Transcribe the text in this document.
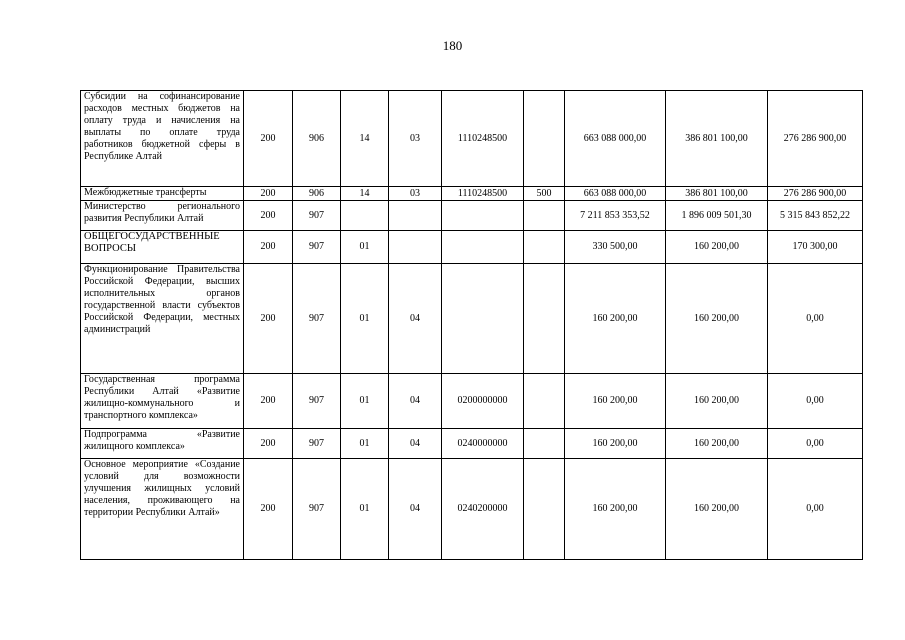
180
Субсидии на софинансирование расходов местных бюджетов на оплату труда и начисления на выплаты по оплате труда работников бюджетной сферы в Республике Алтай	200	906	14	03	1110248500		663 088 000,00	386 801 100,00	276 286 900,00
Межбюджетные трансферты	200	906	14	03	1110248500	500	663 088 000,00	386 801 100,00	276 286 900,00
Министерство регионального развития Республики Алтай	200	907					7 211 853 353,52	1 896 009 501,30	5 315 843 852,22
ОБЩЕГОСУДАРСТВЕННЫЕ ВОПРОСЫ	200	907	01				330 500,00	160 200,00	170 300,00
Функционирование Правительства Российской Федерации, высших исполнительных органов государственной власти субъектов Российской Федерации, местных администраций	200	907	01	04			160 200,00	160 200,00	0,00
Государственная программа Республики Алтай «Развитие жилищно-коммунального и транспортного комплекса»	200	907	01	04	0200000000		160 200,00	160 200,00	0,00
Подпрограмма «Развитие жилищного комплекса»	200	907	01	04	0240000000		160 200,00	160 200,00	0,00
Основное мероприятие «Создание условий для возможности улучшения жилищных условий населения, проживающего на территории Республики Алтай»	200	907	01	04	0240200000		160 200,00	160 200,00	0,00
